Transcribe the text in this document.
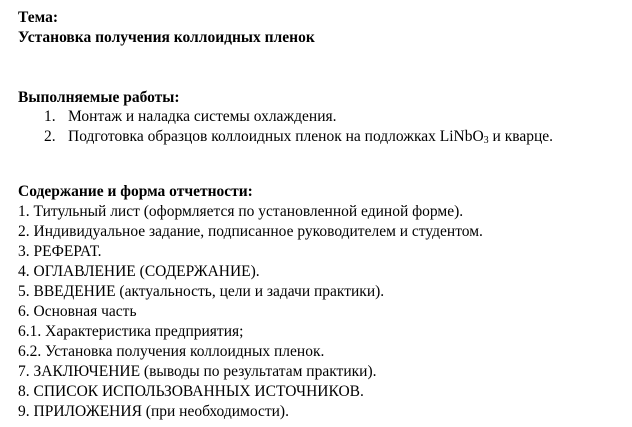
Тема:
Установка получения коллоидных пленок
Выполняемые работы:
1. Монтаж и наладка системы охлаждения.
2. Подготовка образцов коллоидных пленок на подложках LiNbO$_3$ и кварце.
Содержание и форма отчетности:
1. Титульный лист (оформляется по установленной единой форме).
2. Индивидуальное задание, подписанное руководителем и студентом.
3. РЕФЕРАТ.
4. ОГЛАВЛЕНИЕ (СОДЕРЖАНИЕ).
5. ВВЕДЕНИЕ (актуальность, цели и задачи практики).
6. Основная часть
6.1. Характеристика предприятия;
6.2. Установка получения коллоидных пленок.
7. ЗАКЛЮЧЕНИЕ (выводы по результатам практики).
8. СПИСОК ИСПОЛЬЗОВАННЫХ ИСТОЧНИКОВ.
9. ПРИЛОЖЕНИЯ (при необходимости).
